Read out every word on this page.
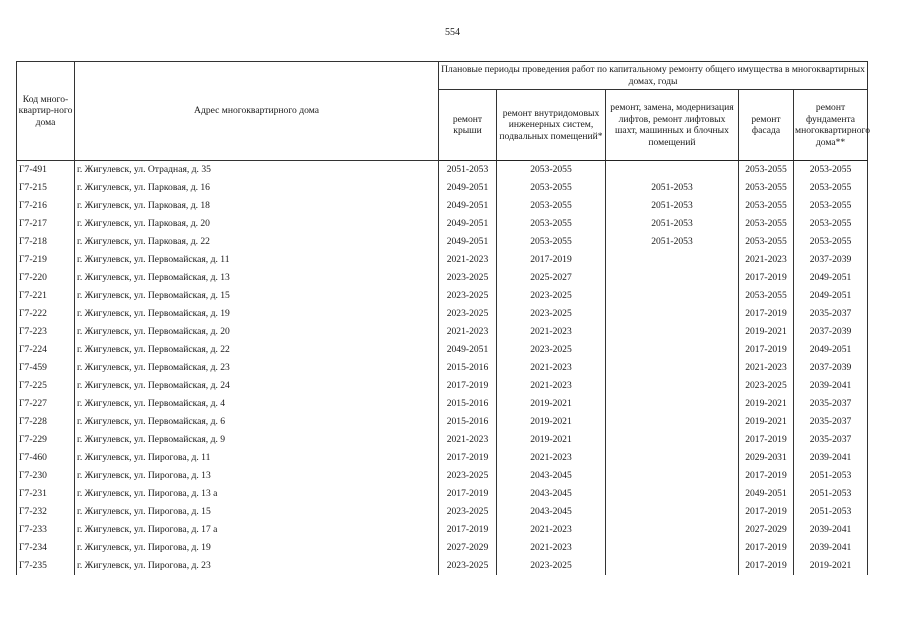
554
Код много-квартир-ного дома	Адрес многоквартирного дома	Плановые периоды проведения работ по капитальному ремонту общего имущества в многоквартирных домах, годы				
		ремонт крыши	ремонт внутридомовых инженерных систем, подвальных помещений*	ремонт, замена, модернизация лифтов, ремонт лифтовых шахт, машинных и блочных помещений	ремонт фасада	ремонт фундамента многоквартирного дома**
Г7-491	г. Жигулевск, ул. Отрадная, д. 35	2051-2053	2053-2055		2053-2055	2053-2055
Г7-215	г. Жигулевск, ул. Парковая, д. 16	2049-2051	2053-2055	2051-2053	2053-2055	2053-2055
Г7-216	г. Жигулевск, ул. Парковая, д. 18	2049-2051	2053-2055	2051-2053	2053-2055	2053-2055
Г7-217	г. Жигулевск, ул. Парковая, д. 20	2049-2051	2053-2055	2051-2053	2053-2055	2053-2055
Г7-218	г. Жигулевск, ул. Парковая, д. 22	2049-2051	2053-2055	2051-2053	2053-2055	2053-2055
Г7-219	г. Жигулевск, ул. Первомайская, д. 11	2021-2023	2017-2019		2021-2023	2037-2039
Г7-220	г. Жигулевск, ул. Первомайская, д. 13	2023-2025	2025-2027		2017-2019	2049-2051
Г7-221	г. Жигулевск, ул. Первомайская, д. 15	2023-2025	2023-2025		2053-2055	2049-2051
Г7-222	г. Жигулевск, ул. Первомайская, д. 19	2023-2025	2023-2025		2017-2019	2035-2037
Г7-223	г. Жигулевск, ул. Первомайская, д. 20	2021-2023	2021-2023		2019-2021	2037-2039
Г7-224	г. Жигулевск, ул. Первомайская, д. 22	2049-2051	2023-2025		2017-2019	2049-2051
Г7-459	г. Жигулевск, ул. Первомайская, д. 23	2015-2016	2021-2023		2021-2023	2037-2039
Г7-225	г. Жигулевск, ул. Первомайская, д. 24	2017-2019	2021-2023		2023-2025	2039-2041
Г7-227	г. Жигулевск, ул. Первомайская, д. 4	2015-2016	2019-2021		2019-2021	2035-2037
Г7-228	г. Жигулевск, ул. Первомайская, д. 6	2015-2016	2019-2021		2019-2021	2035-2037
Г7-229	г. Жигулевск, ул. Первомайская, д. 9	2021-2023	2019-2021		2017-2019	2035-2037
Г7-460	г. Жигулевск, ул. Пирогова, д. 11	2017-2019	2021-2023		2029-2031	2039-2041
Г7-230	г. Жигулевск, ул. Пирогова, д. 13	2023-2025	2043-2045		2017-2019	2051-2053
Г7-231	г. Жигулевск, ул. Пирогова, д. 13 а	2017-2019	2043-2045		2049-2051	2051-2053
Г7-232	г. Жигулевск, ул. Пирогова, д. 15	2023-2025	2043-2045		2017-2019	2051-2053
Г7-233	г. Жигулевск, ул. Пирогова, д. 17 а	2017-2019	2021-2023		2027-2029	2039-2041
Г7-234	г. Жигулевск, ул. Пирогова, д. 19	2027-2029	2021-2023		2017-2019	2039-2041
Г7-235	г. Жигулевск, ул. Пирогова, д. 23	2023-2025	2023-2025		2017-2019	2019-2021
